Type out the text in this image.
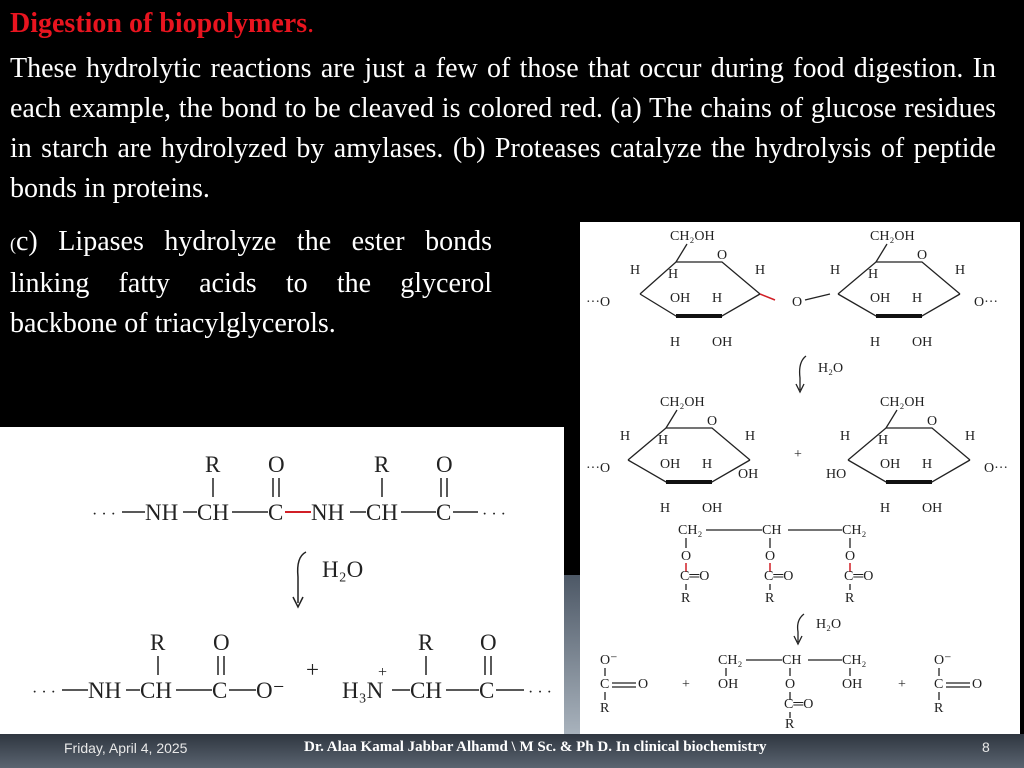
Digestion of biopolymers.

These hydrolytic reactions are just a few of those that occur during food digestion. In each example, the bond to be cleaved is colored red. (a) The chains of glucose residues in starch are hydrolyzed by amylases. (b) Proteases catalyze the hydrolysis of peptide bonds in proteins.

(c) Lipases hydrolyze the ester bonds linking fatty acids to the glycerol backbone of triacylglycerols.

R O	R O
· · · NH CH C NH CH C · · ·
H₂O
R O
· · · NH CH C O⁻
+
R O
+
H₃N CH C · · ·
CH₂OH
O
H H	H
OH H
H OH
···O	O
CH₂OH
O
H H	H
OH H
H OH
O···
H₂O
CH₂OH
O
H H	H
OH H
OH
H OH
···O
+
CH₂OH
O
H H	H
OH H
HO
H OH
O···
CH₂	CH	CH₂
O	O	O
C═O	C═O	C═O
R	R	R
H₂O
O⁻
C O
R
+
CH₂	CH	CH₂
OH	O	OH
C═O
R
+
O⁻
C O
R
Friday, April 4, 2025	Dr. Alaa Kamal Jabbar Alhamd \ M Sc. & Ph D. In clinical biochemistry	8
